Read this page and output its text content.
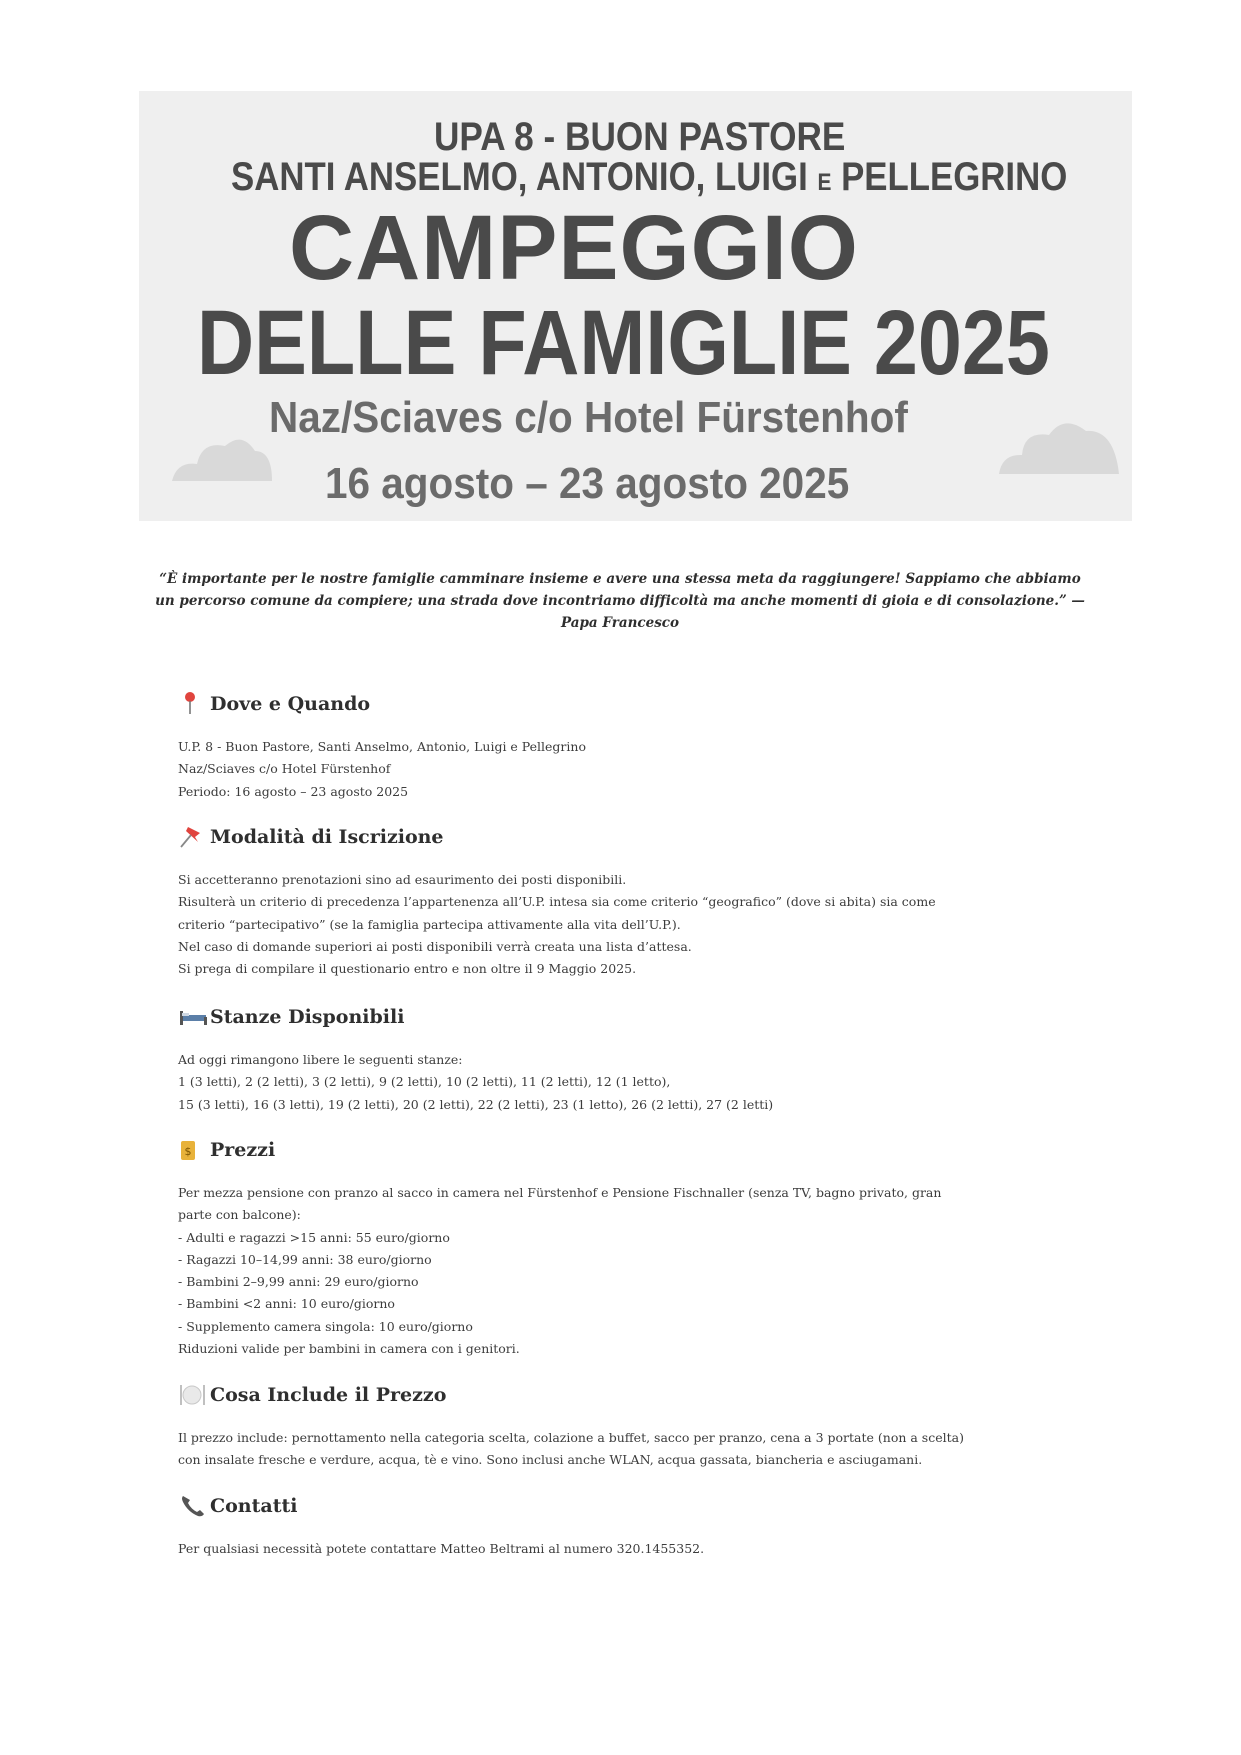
UPA 8 - BUON PASTORE
SANTI ANSELMO, ANTONIO, LUIGI E PELLEGRINO
CAMPEGGIO
DELLE FAMIGLIE 2025
Naz/Sciaves c/o Hotel Fürstenhof
16 agosto – 23 agosto 2025
“È importante per le nostre famiglie camminare insieme e avere una stessa meta da raggiungere! Sappiamo che abbiamo un percorso comune da compiere; una strada dove incontriamo difficoltà ma anche momenti di gioia e di consolazione.” — Papa Francesco
Dove e Quando

U.P. 8 - Buon Pastore, Santi Anselmo, Antonio, Luigi e Pellegrino

Naz/Sciaves c/o Hotel Fürstenhof

Periodo: 16 agosto – 23 agosto 2025

Modalità di Iscrizione

Si accetteranno prenotazioni sino ad esaurimento dei posti disponibili.

Risulterà un criterio di precedenza l’appartenenza all’U.P. intesa sia come criterio “geografico” (dove si abita) sia come

criterio “partecipativo” (se la famiglia partecipa attivamente alla vita dell’U.P.).

Nel caso di domande superiori ai posti disponibili verrà creata una lista d’attesa.

Si prega di compilare il questionario entro e non oltre il 9 Maggio 2025.

Stanze Disponibili

Ad oggi rimangono libere le seguenti stanze:

1 (3 letti), 2 (2 letti), 3 (2 letti), 9 (2 letti), 10 (2 letti), 11 (2 letti), 12 (1 letto),

15 (3 letti), 16 (3 letti), 19 (2 letti), 20 (2 letti), 22 (2 letti), 23 (1 letto), 26 (2 letti), 27 (2 letti)

$ Prezzi

Per mezza pensione con pranzo al sacco in camera nel Fürstenhof e Pensione Fischnaller (senza TV, bagno privato, gran

parte con balcone):

- Adulti e ragazzi >15 anni: 55 euro/giorno

- Ragazzi 10–14,99 anni: 38 euro/giorno

- Bambini 2–9,99 anni: 29 euro/giorno

- Bambini <2 anni: 10 euro/giorno

- Supplemento camera singola: 10 euro/giorno

Riduzioni valide per bambini in camera con i genitori.

Cosa Include il Prezzo

Il prezzo include: pernottamento nella categoria scelta, colazione a buffet, sacco per pranzo, cena a 3 portate (non a scelta)

con insalate fresche e verdure, acqua, tè e vino. Sono inclusi anche WLAN, acqua gassata, biancheria e asciugamani.

Contatti

Per qualsiasi necessità potete contattare Matteo Beltrami al numero 320.1455352.
